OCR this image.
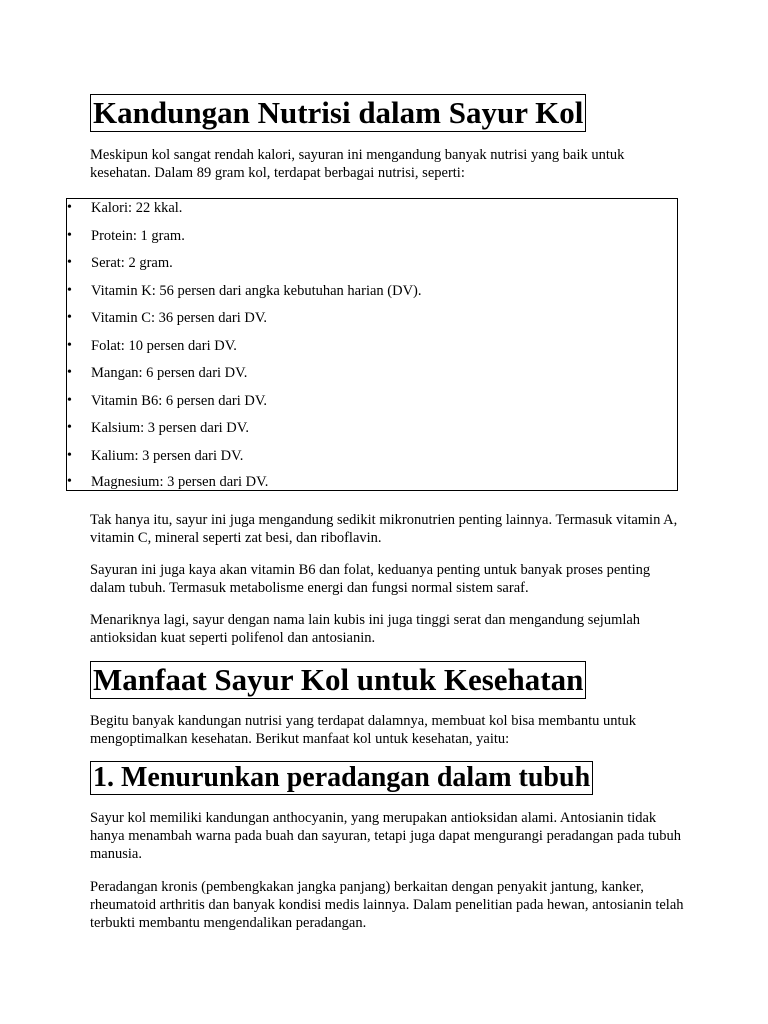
Kandungan Nutrisi dalam Sayur Kol

Meskipun kol sangat rendah kalori, sayuran ini mengandung banyak nutrisi yang baik untuk kesehatan. Dalam 89 gram kol, terdapat berbagai nutrisi, seperti:

• Kalori: 22 kkal.
• Protein: 1 gram.
• Serat: 2 gram.
• Vitamin K: 56 persen dari angka kebutuhan harian (DV).
• Vitamin C: 36 persen dari DV.
• Folat: 10 persen dari DV.
• Mangan: 6 persen dari DV.
• Vitamin B6: 6 persen dari DV.
• Kalsium: 3 persen dari DV.
• Kalium: 3 persen dari DV.
• Magnesium: 3 persen dari DV.

Tak hanya itu, sayur ini juga mengandung sedikit mikronutrien penting lainnya. Termasuk vitamin A, vitamin C, mineral seperti zat besi, dan riboflavin.

Sayuran ini juga kaya akan vitamin B6 dan folat, keduanya penting untuk banyak proses penting dalam tubuh. Termasuk metabolisme energi dan fungsi normal sistem saraf.

Menariknya lagi, sayur dengan nama lain kubis ini juga tinggi serat dan mengandung sejumlah antioksidan kuat seperti polifenol dan antosianin.

Manfaat Sayur Kol untuk Kesehatan

Begitu banyak kandungan nutrisi yang terdapat dalamnya, membuat kol bisa membantu untuk mengoptimalkan kesehatan. Berikut manfaat kol untuk kesehatan, yaitu:

1. Menurunkan peradangan dalam tubuh

Sayur kol memiliki kandungan anthocyanin, yang merupakan antioksidan alami. Antosianin tidak hanya menambah warna pada buah dan sayuran, tetapi juga dapat mengurangi peradangan pada tubuh manusia.

Peradangan kronis (pembengkakan jangka panjang) berkaitan dengan penyakit jantung, kanker, rheumatoid arthritis dan banyak kondisi medis lainnya. Dalam penelitian pada hewan, antosianin telah terbukti membantu mengendalikan peradangan.
